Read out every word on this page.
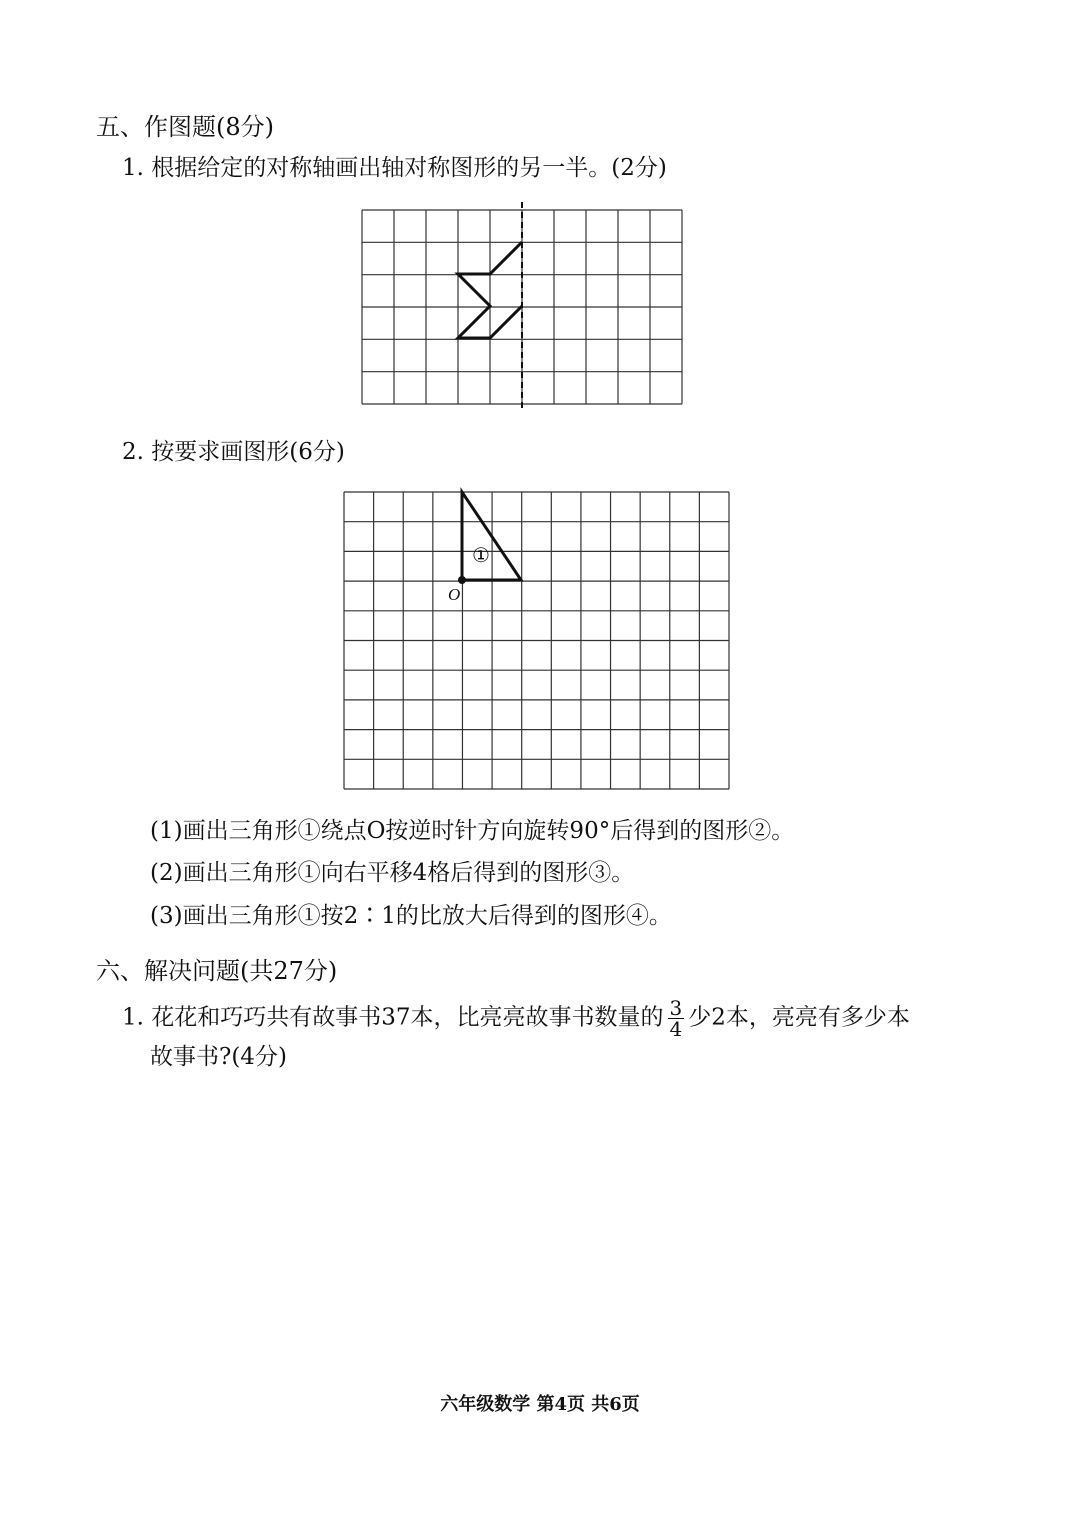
五、作图题(8分)
1. 根据给定的对称轴画出轴对称图形的另一半。(2分)
2. 按要求画图形(6分)
①
O
(1)画出三角形①绕点O按逆时针方向旋转90°后得到的图形②。
(2)画出三角形①向右平移4格后得到的图形③。
(3)画出三角形①按2∶1的比放大后得到的图形④。
六、解决问题(共27分)
1. 花花和巧巧共有故事书37本，比亮亮故事书数量的 $\frac{3}{4}$ 少2本，亮亮有多少本
故事书?(4分)
六年级数学 第4页 共6页
